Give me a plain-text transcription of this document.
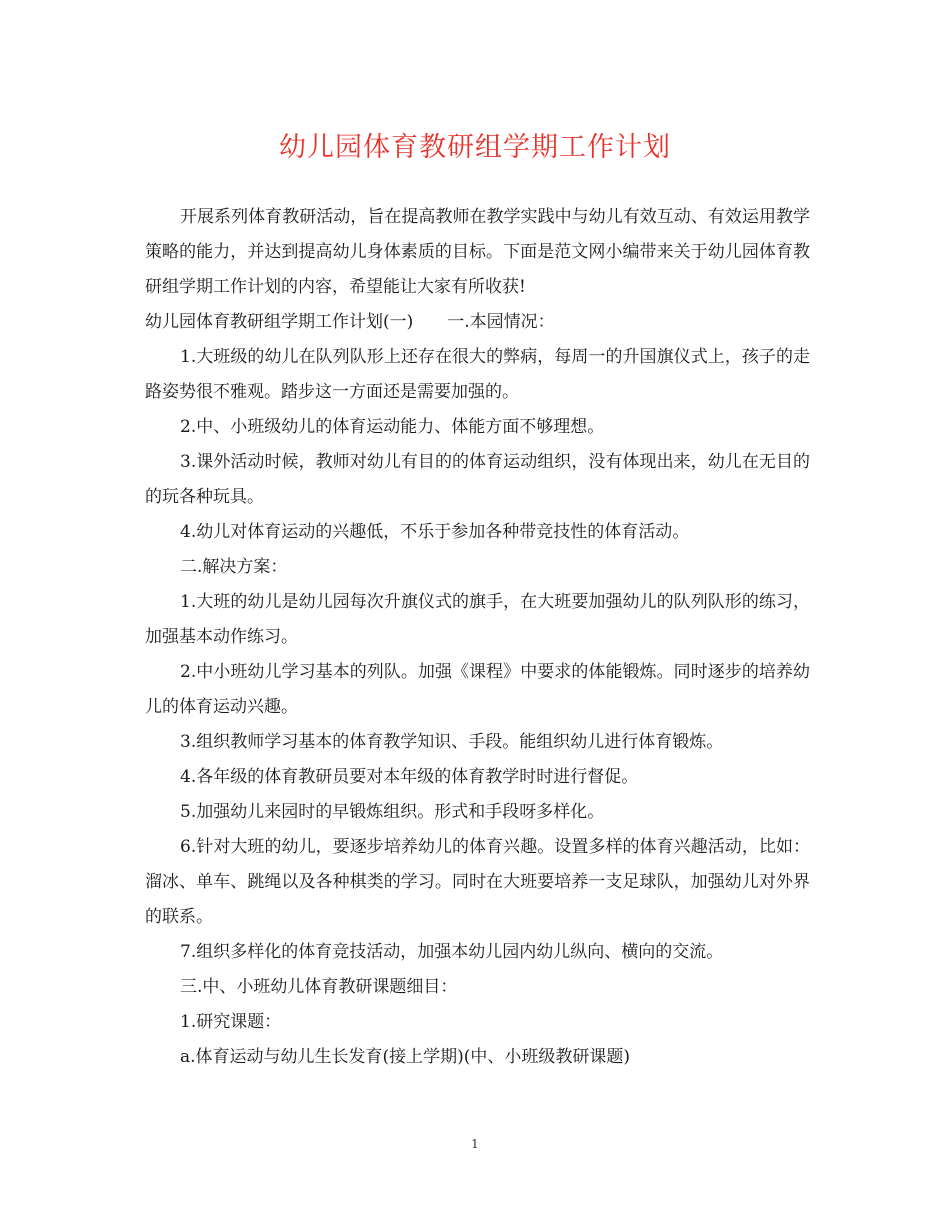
幼儿园体育教研组学期工作计划

开展系列体育教研活动，旨在提高教师在教学实践中与幼儿有效互动、有效运用教学策略的能力，并达到提高幼儿身体素质的目标。下面是范文网小编带来关于幼儿园体育教研组学期工作计划的内容，希望能让大家有所收获!

幼儿园体育教研组学期工作计划(一)　　一.本园情况：

1.大班级的幼儿在队列队形上还存在很大的弊病，每周一的升国旗仪式上，孩子的走路姿势很不雅观。踏步这一方面还是需要加强的。

2.中、小班级幼儿的体育运动能力、体能方面不够理想。

3.课外活动时候，教师对幼儿有目的的体育运动组织，没有体现出来，幼儿在无目的的玩各种玩具。

4.幼儿对体育运动的兴趣低，不乐于参加各种带竞技性的体育活动。

二.解决方案：

1.大班的幼儿是幼儿园每次升旗仪式的旗手，在大班要加强幼儿的队列队形的练习，加强基本动作练习。

2.中小班幼儿学习基本的列队。加强《课程》中要求的体能锻炼。同时逐步的培养幼儿的体育运动兴趣。

3.组织教师学习基本的体育教学知识、手段。能组织幼儿进行体育锻炼。

4.各年级的体育教研员要对本年级的体育教学时时进行督促。

5.加强幼儿来园时的早锻炼组织。形式和手段呀多样化。

6.针对大班的幼儿，要逐步培养幼儿的体育兴趣。设置多样的体育兴趣活动，比如：溜冰、单车、跳绳以及各种棋类的学习。同时在大班要培养一支足球队，加强幼儿对外界的联系。

7.组织多样化的体育竞技活动，加强本幼儿园内幼儿纵向、横向的交流。

三.中、小班幼儿体育教研课题细目：

1.研究课题：

a.体育运动与幼儿生长发育(接上学期)(中、小班级教研课题)

1
